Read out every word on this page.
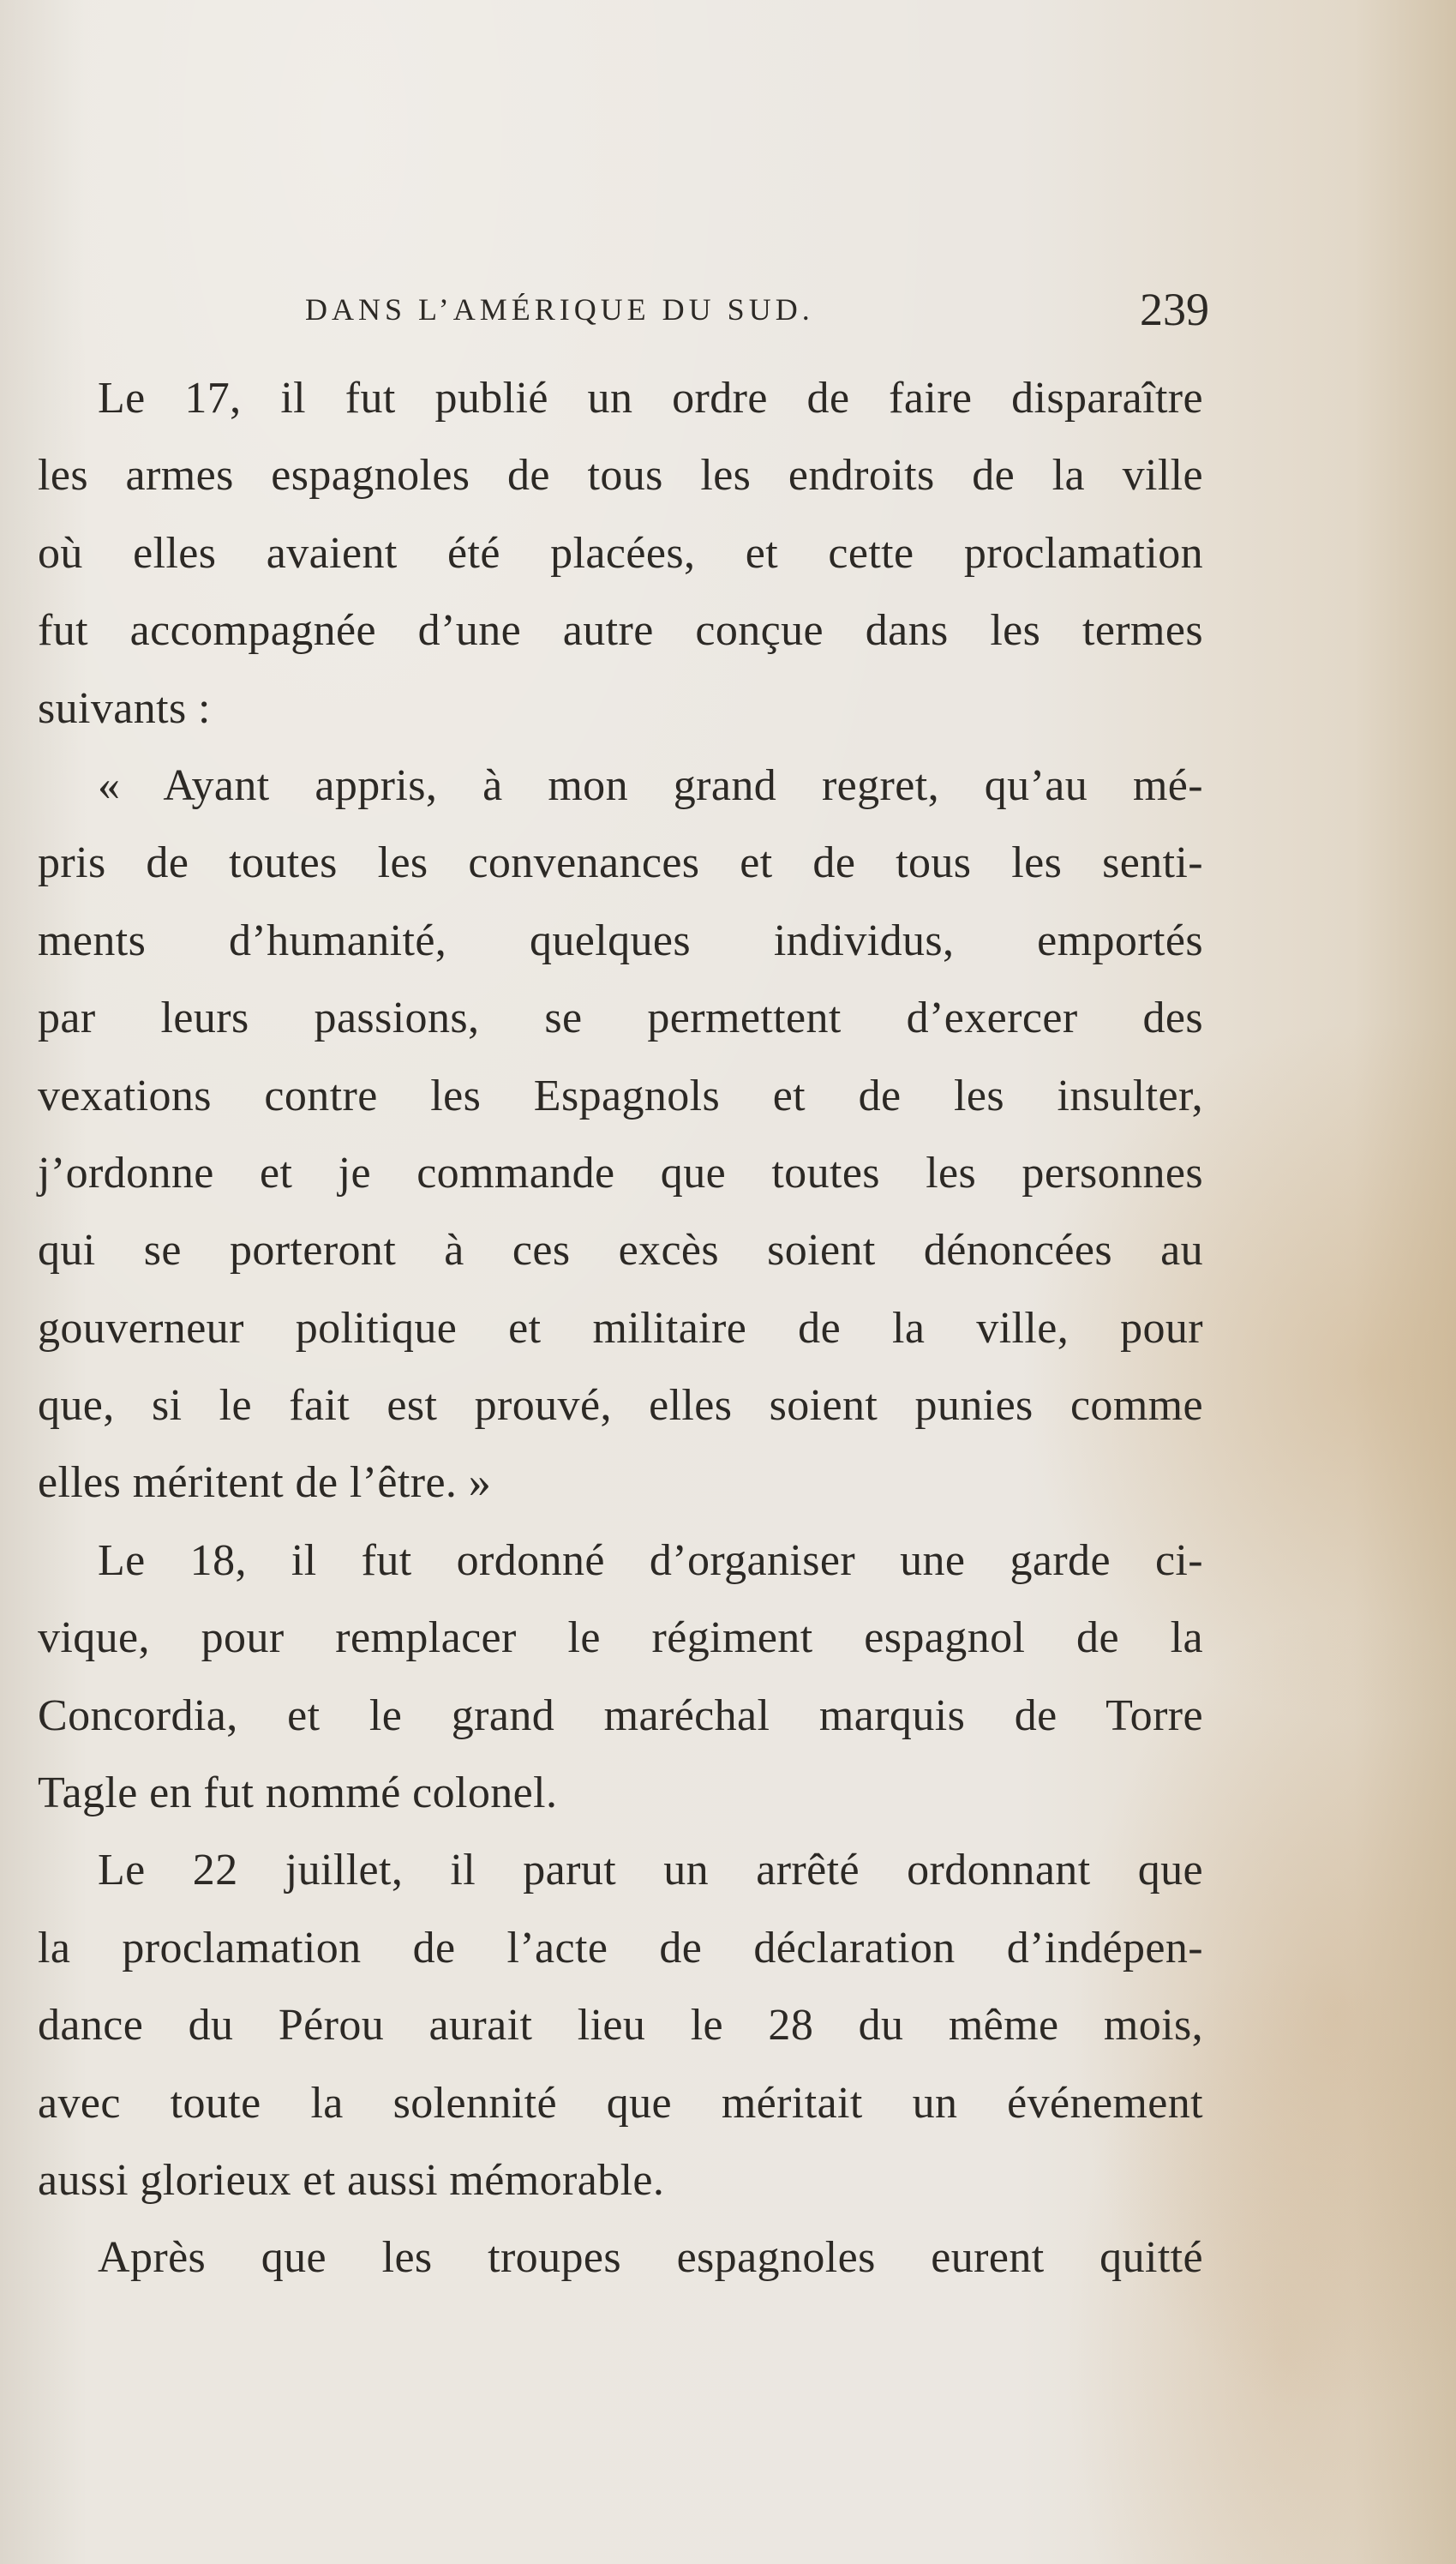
DANS L’AMÉRIQUE DU SUD.	239
Le 17, il fut publié un ordre de faire disparaître
les armes espagnoles de tous les endroits de la ville
où elles avaient été placées, et cette proclamation
fut accompagnée d’une autre conçue dans les termes
suivants :
« Ayant appris, à mon grand regret, qu’au mé-
pris de toutes les convenances et de tous les senti-
ments d’humanité, quelques individus, emportés
par leurs passions, se permettent d’exercer des
vexations contre les Espagnols et de les insulter,
j’ordonne et je commande que toutes les personnes
qui se porteront à ces excès soient dénoncées au
gouverneur politique et militaire de la ville, pour
que, si le fait est prouvé, elles soient punies comme
elles méritent de l’être. »
Le 18, il fut ordonné d’organiser une garde ci-
vique, pour remplacer le régiment espagnol de la
Concordia, et le grand maréchal marquis de Torre
Tagle en fut nommé colonel.
Le 22 juillet, il parut un arrêté ordonnant que
la proclamation de l’acte de déclaration d’indépen-
dance du Pérou aurait lieu le 28 du même mois,
avec toute la solennité que méritait un événement
aussi glorieux et aussi mémorable.
Après que les troupes espagnoles eurent quitté
